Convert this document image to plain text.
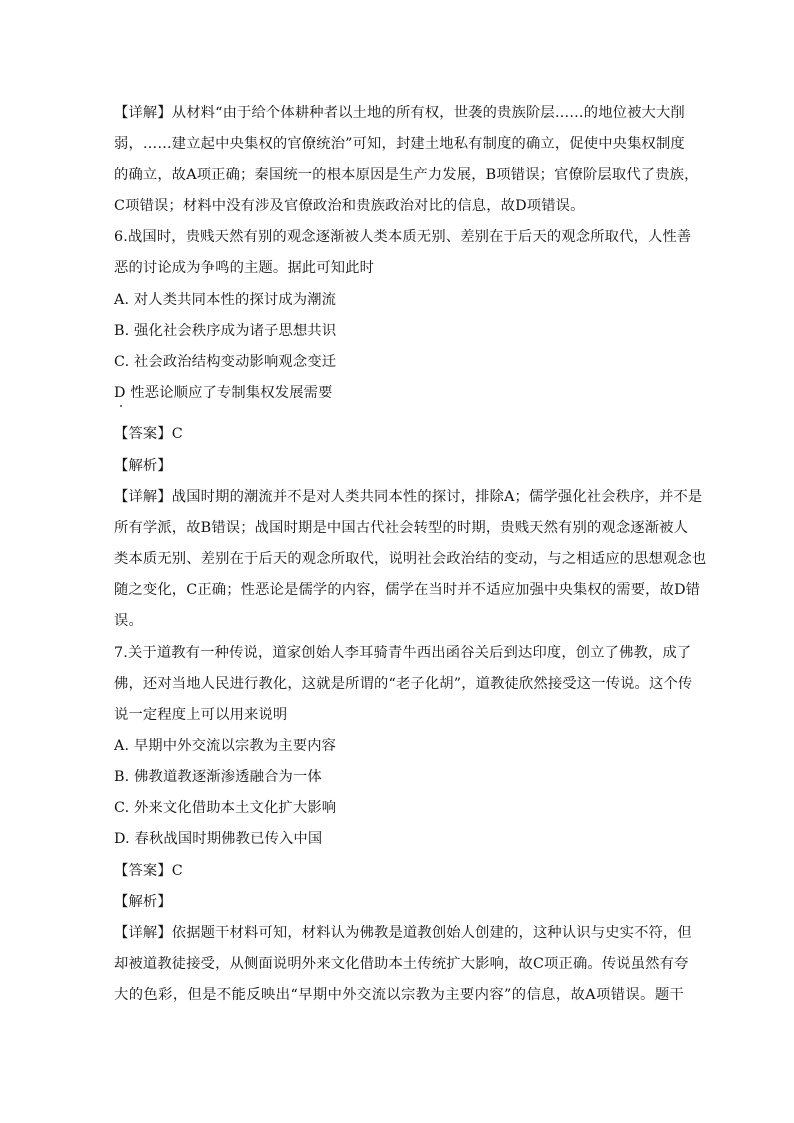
【详解】从材料“由于给个体耕种者以土地的所有权，世袭的贵族阶层……的地位被大大削
弱，……建立起中央集权的官僚统治”可知，封建土地私有制度的确立，促使中央集权制度
的确立，故A项正确；秦国统一的根本原因是生产力发展，B项错误；官僚阶层取代了贵族，
C项错误；材料中没有涉及官僚政治和贵族政治对比的信息，故D项错误。
6.战国时，贵贱天然有别的观念逐渐被人类本质无别、差别在于后天的观念所取代，人性善
恶的讨论成为争鸣的主题。据此可知此时
A. 对人类共同本性的探讨成为潮流
B. 强化社会秩序成为诸子思想共识
C. 社会政治结构变动影响观念变迁
D 性恶论顺应了专制集权发展需要
【答案】C
【解析】
【详解】战国时期的潮流并不是对人类共同本性的探讨，排除A；儒学强化社会秩序，并不是
所有学派，故B错误；战国时期是中国古代社会转型的时期，贵贱天然有别的观念逐渐被人
类本质无别、差别在于后天的观念所取代，说明社会政治结的变动，与之相适应的思想观念也
随之变化，C正确；性恶论是儒学的内容，儒学在当时并不适应加强中央集权的需要，故D错
误。
7.关于道教有一种传说，道家创始人李耳骑青牛西出函谷关后到达印度，创立了佛教，成了
佛，还对当地人民进行教化，这就是所谓的“老子化胡”，道教徒欣然接受这一传说。这个传
说一定程度上可以用来说明
A. 早期中外交流以宗教为主要内容
B. 佛教道教逐渐渗透融合为一体
C. 外来文化借助本土文化扩大影响
D. 春秋战国时期佛教已传入中国
【答案】C
【解析】
【详解】依据题干材料可知，材料认为佛教是道教创始人创建的，这种认识与史实不符，但
却被道教徒接受，从侧面说明外来文化借助本土传统扩大影响，故C项正确。传说虽然有夸
大的色彩，但是不能反映出“早期中外交流以宗教为主要内容”的信息，故A项错误。题干
